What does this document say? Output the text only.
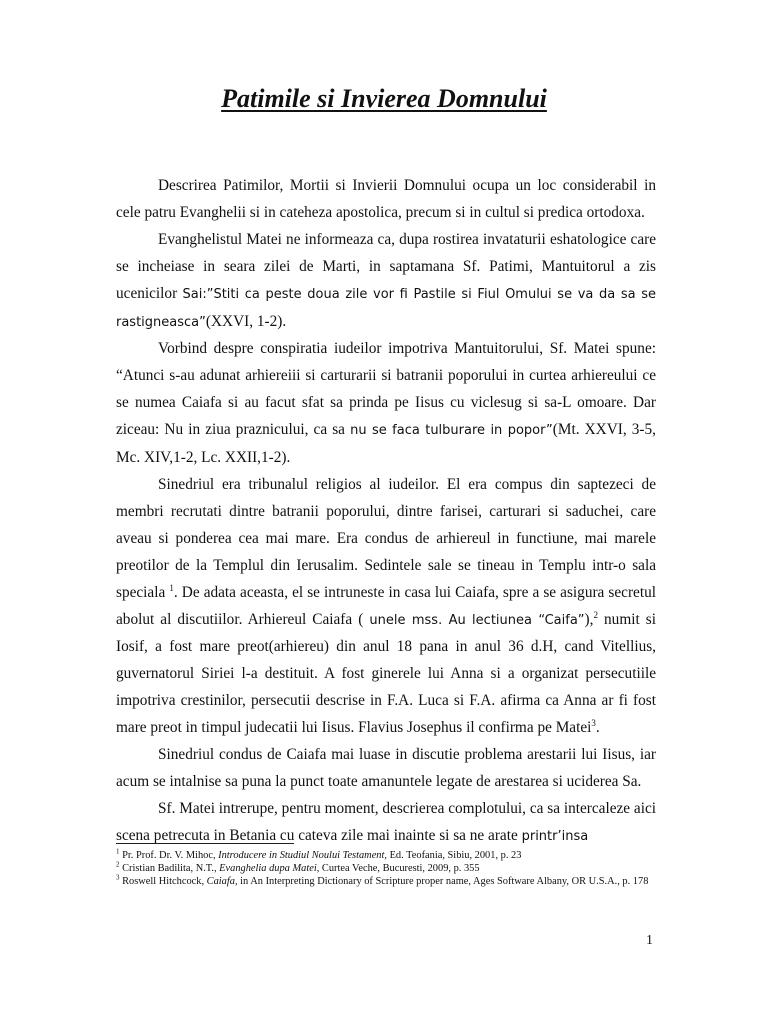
Patimile si Invierea Domnului

Descrirea Patimilor, Mortii si Invierii Domnului ocupa un loc considerabil in cele patru Evanghelii si in cateheza apostolica, precum si in cultul si predica ortodoxa.

Evanghelistul Matei ne informeaza ca, dupa rostirea invataturii eshatologice care se incheiase in seara zilei de Marti, in saptamana Sf. Patimi, Mantuitorul a zis ucenicilor Sai:”Stiti ca peste doua zile vor fi Pastile si Fiul Omului se va da sa se rastigneasca”(XXVI, 1-2).

Vorbind despre conspiratia iudeilor impotriva Mantuitorului, Sf. Matei spune: “Atunci s-au adunat arhiereiii si carturarii si batranii poporului in curtea arhiereului ce se numea Caiafa si au facut sfat sa prinda pe Iisus cu viclesug si sa-L omoare. Dar ziceau: Nu in ziua praznicului, ca sa nu se faca tulburare in popor”(Mt. XXVI, 3-5, Mc. XIV,1-2, Lc. XXII,1-2).

Sinedriul era tribunalul religios al iudeilor. El era compus din saptezeci de membri recrutati dintre batranii poporului, dintre farisei, carturari si saduchei, care aveau si ponderea cea mai mare. Era condus de arhiereul in functiune, mai marele preotilor de la Templul din Ierusalim. Sedintele sale se tineau in Templu intr-o sala speciala $^1$. De adata aceasta, el se intruneste in casa lui Caiafa, spre a se asigura secretul abolut al discutiilor. Arhiereul Caiafa ( unele mss. Au lectiunea “Caifa”),$^2$ numit si Iosif, a fost mare preot(arhiereu) din anul 18 pana in anul 36 d.H, cand Vitellius, guvernatorul Siriei l-a destituit. A fost ginerele lui Anna si a organizat persecutiile impotriva crestinilor, persecutii descrise in F.A. Luca si F.A. afirma ca Anna ar fi fost mare preot in timpul judecatii lui Iisus. Flavius Josephus il confirma pe Matei$^3$.

Sinedriul condus de Caiafa mai luase in discutie problema arestarii lui Iisus, iar acum se intalnise sa puna la punct toate amanuntele legate de arestarea si uciderea Sa.

Sf. Matei intrerupe, pentru moment, descrierea complotului, ca sa intercaleze aici scena petrecuta in Betania cu cateva zile mai inainte si sa ne arate printr’insa

$^1$ Pr. Prof. Dr. V. Mihoc, Introducere in Studiul Noului Testament, Ed. Teofania, Sibiu, 2001, p. 23
$^2$ Cristian Badilita, N.T., Evanghelia dupa Matei, Curtea Veche, Bucuresti, 2009, p. 355
$^3$ Roswell Hitchcock, Caiafa, in An Interpreting Dictionary of Scripture proper name, Ages Software Albany, OR U.S.A., p. 178
1
